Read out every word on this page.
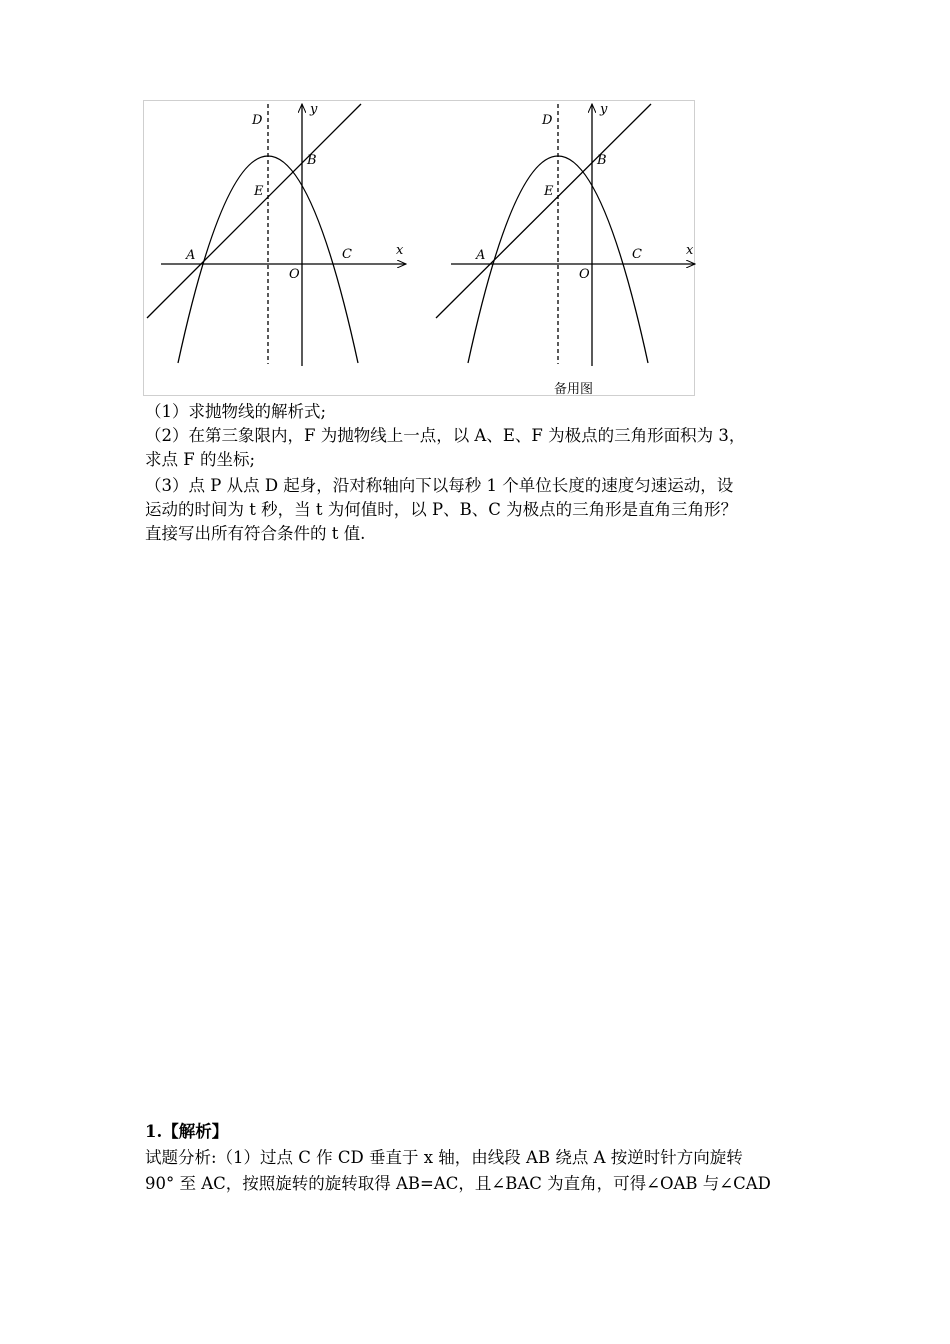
D
B
E
A	C
O
x
y
D
B
E
A	C
O
x
y
备用图
（1）求抛物线的解析式;
（2）在第三象限内，F 为抛物线上一点，以 A、E、F 为极点的三角形面积为 3，
求点 F 的坐标;
（3）点 P 从点 D 起身，沿对称轴向下以每秒 1 个单位长度的速度匀速运动，设
运动的时间为 t 秒，当 t 为何值时，以 P、B、C 为极点的三角形是直角三角形？
直接写出所有符合条件的 t 值.
1.【解析】
试题分析:（1）过点 C 作 CD 垂直于 x 轴，由线段 AB 绕点 A 按逆时针方向旋转
90° 至 AC，按照旋转的旋转取得 AB=AC，且∠BAC 为直角，可得∠OAB 与∠CAD
